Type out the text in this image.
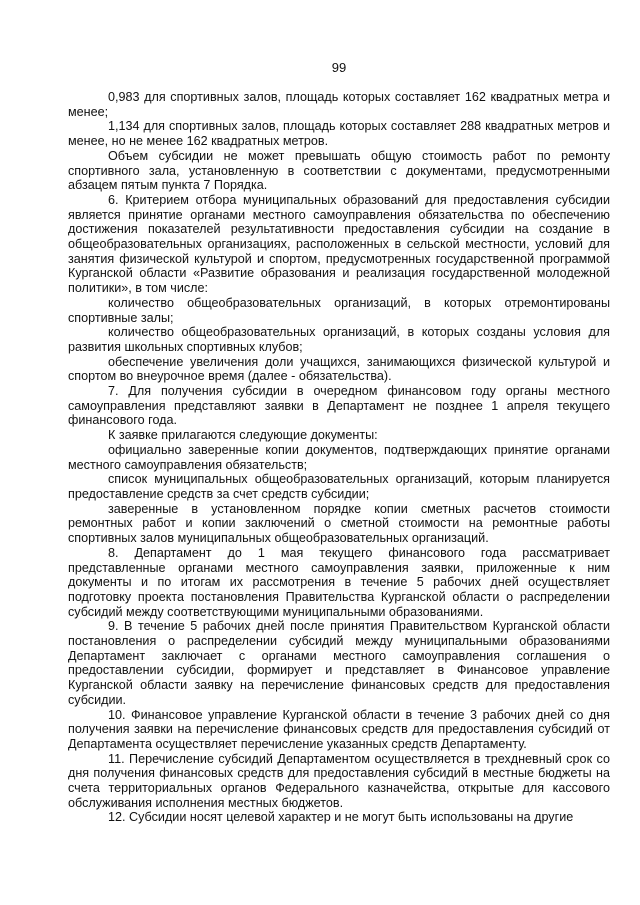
99

0,983 для спортивных залов, площадь которых составляет 162 квадратных метра и менее;

1,134 для спортивных залов, площадь которых составляет 288 квадратных метров и менее, но не менее 162 квадратных метров.

Объем субсидии не может превышать общую стоимость работ по ремонту спортивного зала, установленную в соответствии с документами, предусмотренными абзацем пятым пункта 7 Порядка.

6. Критерием отбора муниципальных образований для предоставления субсидии является принятие органами местного самоуправления обязательства по обеспечению достижения показателей результативности предоставления субсидии на создание в общеобразовательных организациях, расположенных в сельской местности, условий для занятия физической культурой и спортом, предусмотренных государственной программой Курганской области «Развитие образования и реализация государственной молодежной политики», в том числе:

количество общеобразовательных организаций, в которых отремонтированы спортивные залы;

количество общеобразовательных организаций, в которых созданы условия для развития школьных спортивных клубов;

обеспечение увеличения доли учащихся, занимающихся физической культурой и спортом во внеурочное время (далее - обязательства).

7. Для получения субсидии в очередном финансовом году органы местного самоуправления представляют заявки в Департамент не позднее 1 апреля текущего финансового года.

К заявке прилагаются следующие документы:

официально заверенные копии документов, подтверждающих принятие органами местного самоуправления обязательств;

список муниципальных общеобразовательных организаций, которым планируется предоставление средств за счет средств субсидии;

заверенные в установленном порядке копии сметных расчетов стоимости ремонтных работ и копии заключений о сметной стоимости на ремонтные работы спортивных залов муниципальных общеобразовательных организаций.

8. Департамент до 1 мая текущего финансового года рассматривает представленные органами местного самоуправления заявки, приложенные к ним документы и по итогам их рассмотрения в течение 5 рабочих дней осуществляет подготовку проекта постановления Правительства Курганской области о распределении субсидий между соответствующими муниципальными образованиями.

9. В течение 5 рабочих дней после принятия Правительством Курганской области постановления о распределении субсидий между муниципальными образованиями Департамент заключает с органами местного самоуправления соглашения о предоставлении субсидии, формирует и представляет в Финансовое управление Курганской области заявку на перечисление финансовых средств для предоставления субсидии.

10. Финансовое управление Курганской области в течение 3 рабочих дней со дня получения заявки на перечисление финансовых средств для предоставления субсидий от Департамента осуществляет перечисление указанных средств Департаменту.

11. Перечисление субсидий Департаментом осуществляется в трехдневный срок со дня получения финансовых средств для предоставления субсидий в местные бюджеты на счета территориальных органов Федерального казначейства, открытые для кассового обслуживания исполнения местных бюджетов.

12. Субсидии носят целевой характер и не могут быть использованы на другие
